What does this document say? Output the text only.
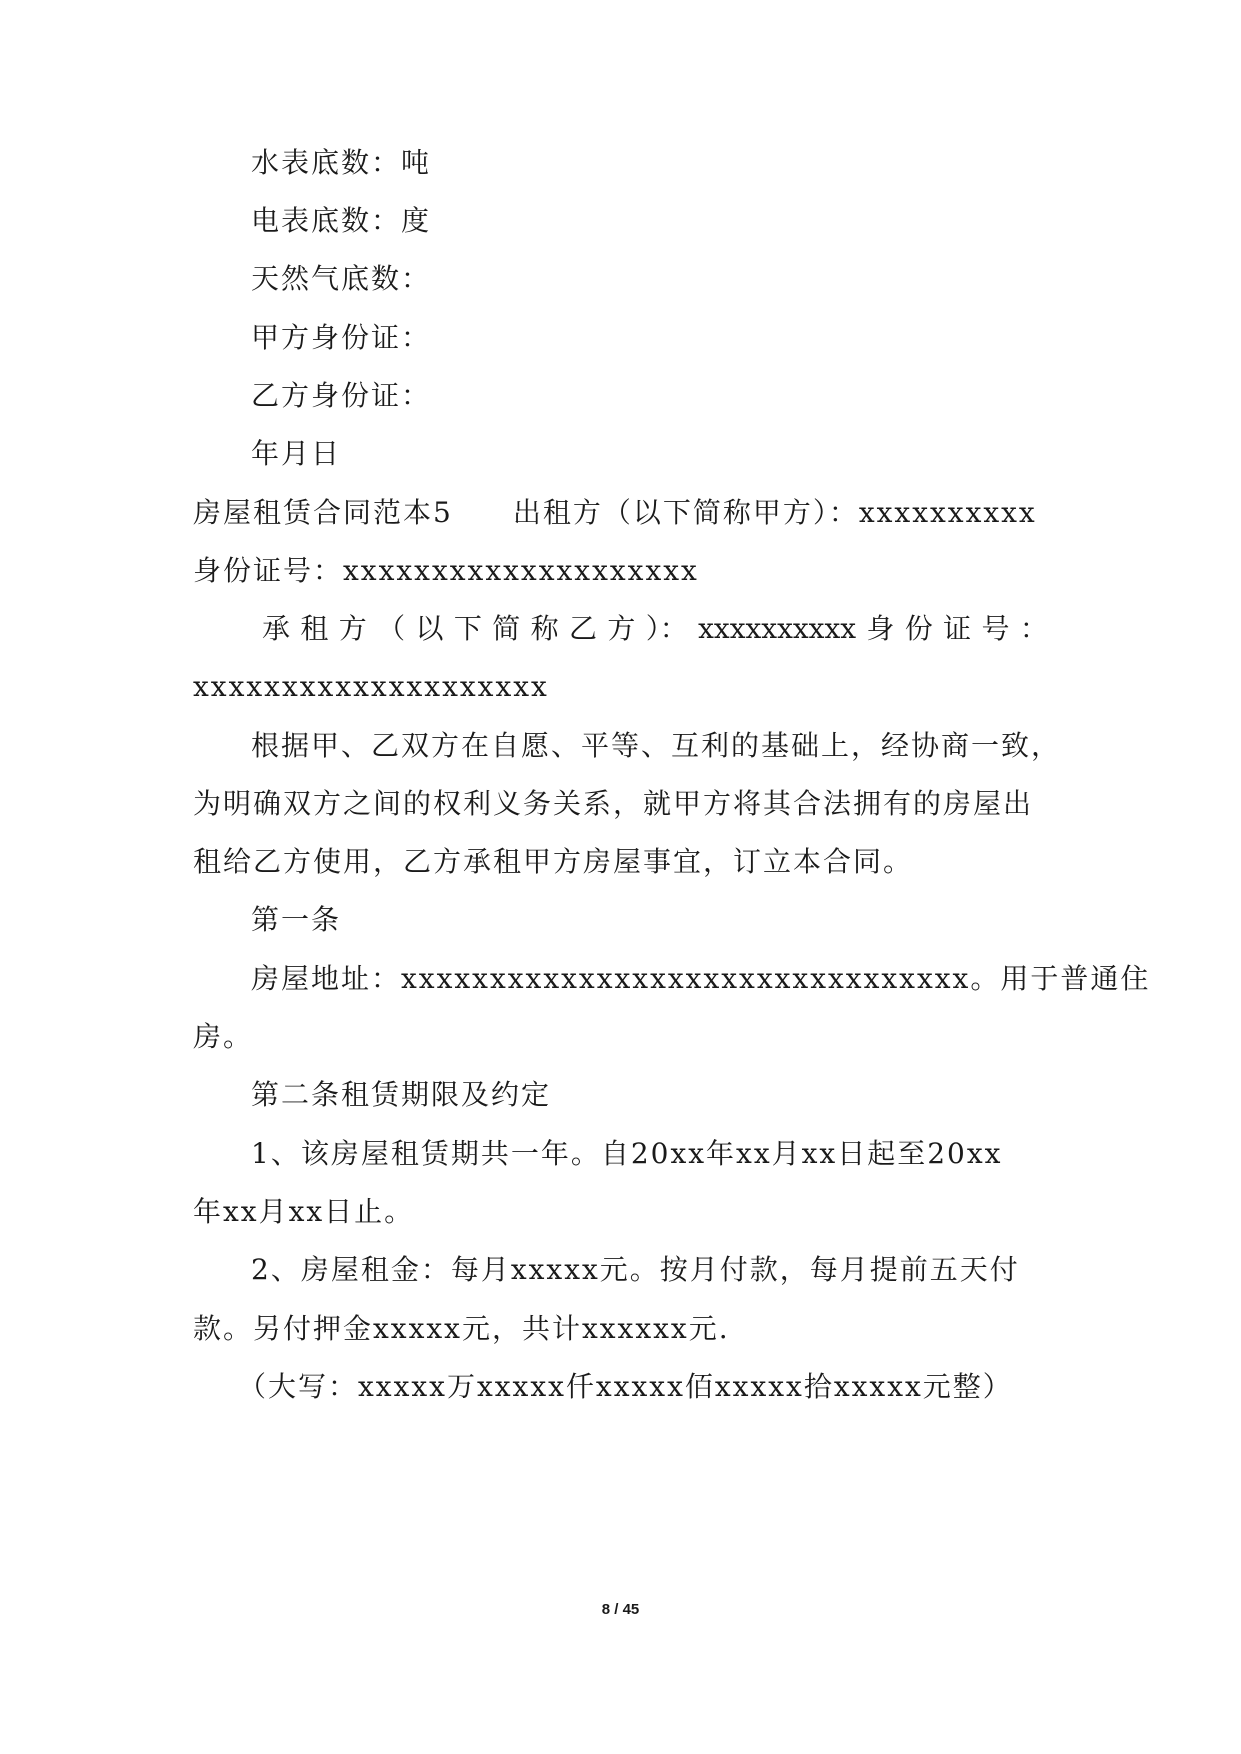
水表底数：吨
电表底数：度
天然气底数：
甲方身份证：
乙方身份证：
年月日
房屋租赁合同范本5　　出租方（以下简称甲方）：xxxxxxxxxx
身份证号：xxxxxxxxxxxxxxxxxxxx
承 租 方 （ 以 下 简 称 乙 方 ）： xxxxxxxxxx 身 份 证 号 ：
xxxxxxxxxxxxxxxxxxxx
根据甲、乙双方在自愿、平等、互利的基础上，经协商一致，
为明确双方之间的权利义务关系，就甲方将其合法拥有的房屋出
租给乙方使用，乙方承租甲方房屋事宜，订立本合同。
第一条
房屋地址：xxxxxxxxxxxxxxxxxxxxxxxxxxxxxxxx。用于普通住
房。
第二条租赁期限及约定
1、该房屋租赁期共一年。自20xx年xx月xx日起至20xx
年xx月xx日止。
2、房屋租金：每月xxxxx元。按月付款，每月提前五天付
款。另付押金xxxxx元，共计xxxxxx元.
（大写：xxxxx万xxxxx仟xxxxx佰xxxxx拾xxxxx元整）
8 / 45
